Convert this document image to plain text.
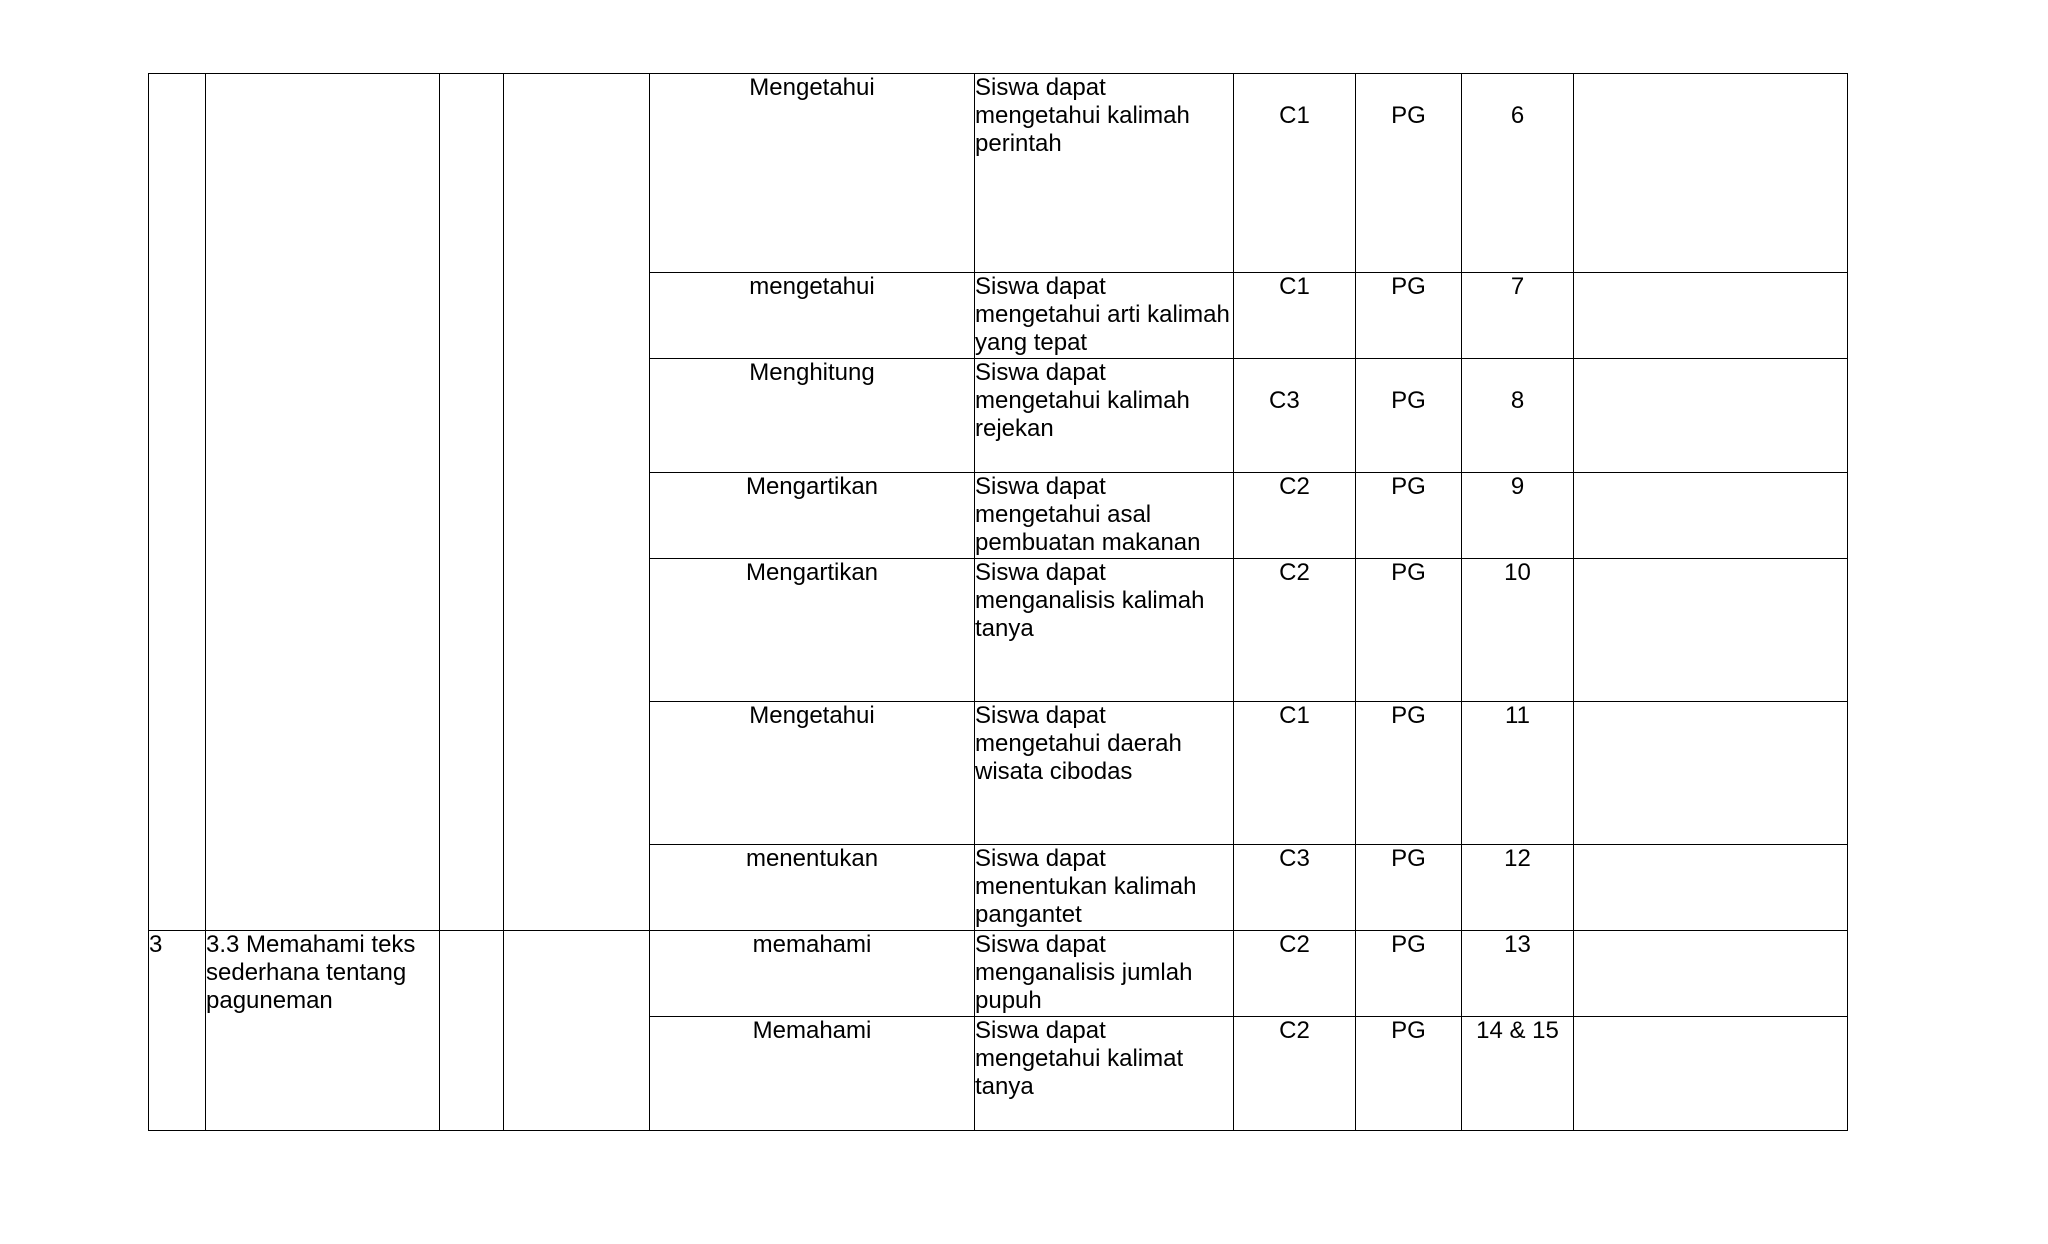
				Mengetahui	Siswa dapat mengetahui kalimah perintah	C1	PG	6	
				mengetahui	Siswa dapat mengetahui arti kalimah yang tepat	C1	PG	7	
				Menghitung	Siswa dapat mengetahui kalimah rejekan	C3	PG	8	
				Mengartikan	Siswa dapat mengetahui asal pembuatan makanan	C2	PG	9	
				Mengartikan	Siswa dapat menganalisis kalimah tanya	C2	PG	10	
				Mengetahui	Siswa dapat mengetahui daerah wisata cibodas	C1	PG	11	
				menentukan	Siswa dapat menentukan kalimah pangantet	C3	PG	12	
3	3.3 Memahami teks sederhana tentang paguneman			memahami	Siswa dapat menganalisis jumlah pupuh	C2	PG	13	
				Memahami	Siswa dapat mengetahui kalimat tanya	C2	PG	14 & 15	
